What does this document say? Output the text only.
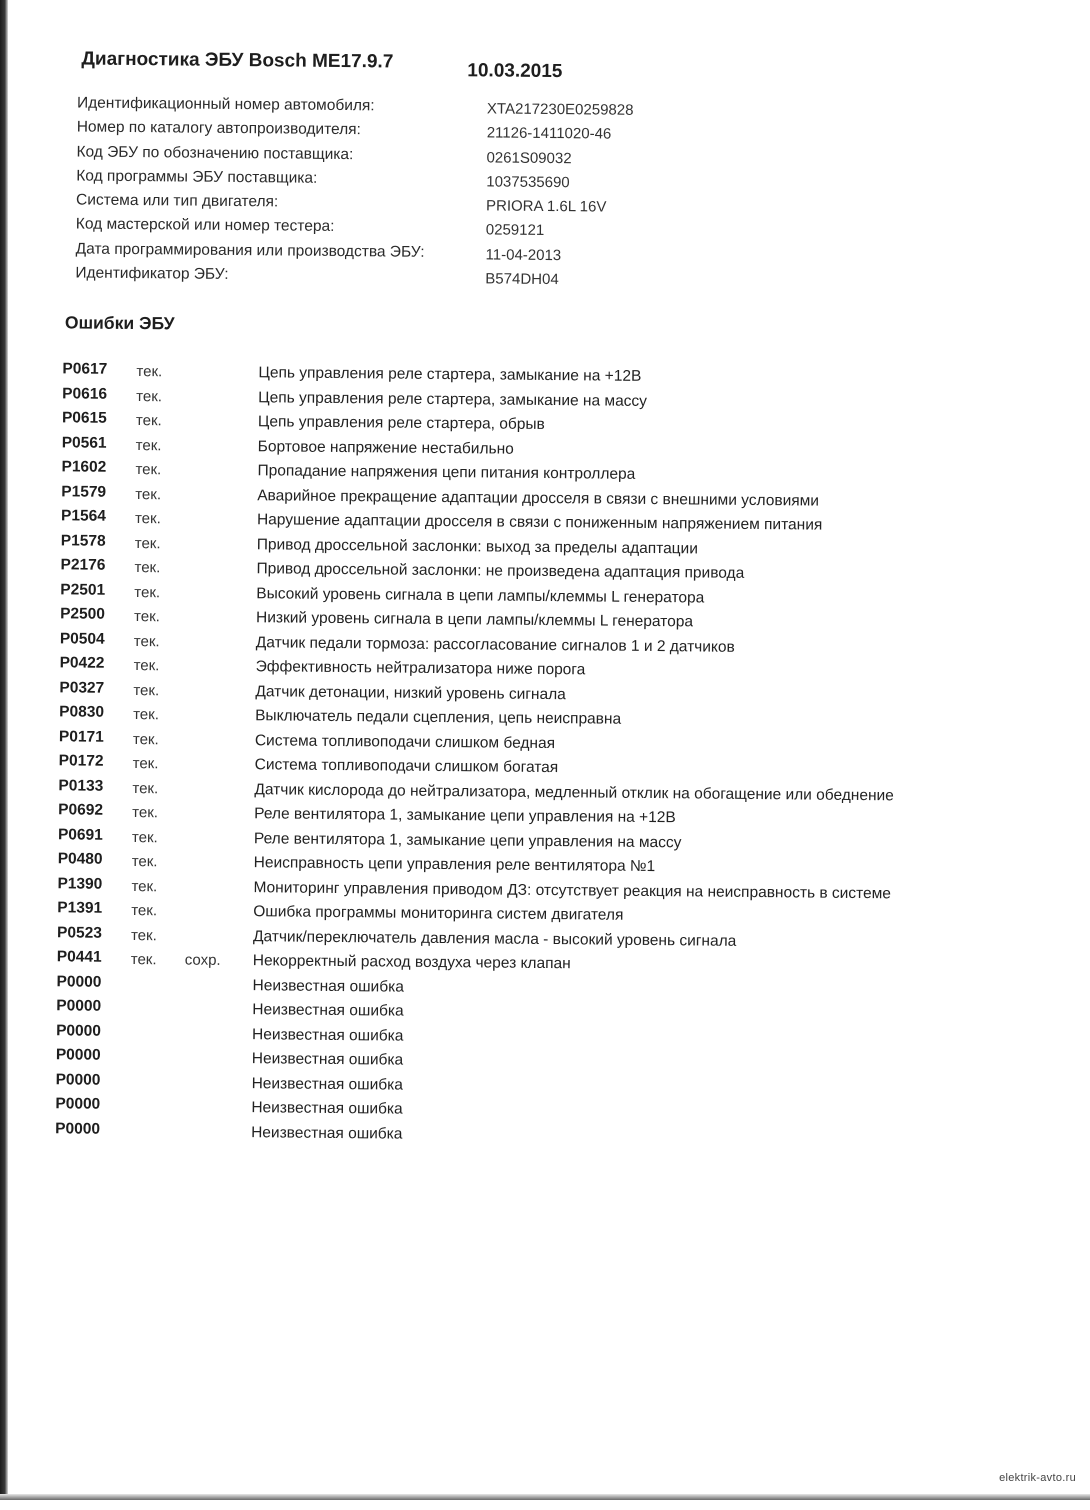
Диагностика ЭБУ Bosch ME17.9.7	10.03.2015
Идентификационный номер автомобиля:	XTA217230E0259828
Номер по каталогу автопроизводителя:	21126-1411020-46
Код ЭБУ по обозначению поставщика:	0261S09032
Код программы ЭБУ поставщика:	1037535690
Система или тип двигателя:	PRIORA 1.6L 16V
Код мастерской или номер тестера:	0259121
Дата программирования или производства ЭБУ:	11-04-2013
Идентификатор ЭБУ:	B574DH04
Ошибки ЭБУ
P0617 тек.	Цепь управления реле стартера, замыкание на +12В
P0616 тек.	Цепь управления реле стартера, замыкание на массу
P0615 тек.	Цепь управления реле стартера, обрыв
P0561 тек.	Бортовое напряжение нестабильно
P1602 тек.	Пропадание напряжения цепи питания контроллера
P1579 тек.	Аварийное прекращение адаптации дросселя в связи с внешними условиями
P1564 тек.	Нарушение адаптации дросселя в связи с пониженным напряжением питания
P1578 тек.	Привод дроссельной заслонки: выход за пределы адаптации
P2176 тек.	Привод дроссельной заслонки: не произведена адаптация привода
P2501 тек.	Высокий уровень сигнала в цепи лампы/клеммы L генератора
P2500 тек.	Низкий уровень сигнала в цепи лампы/клеммы L генератора
P0504 тек.	Датчик педали тормоза: рассогласование сигналов 1 и 2 датчиков
P0422 тек.	Эффективность нейтрализатора ниже порога
P0327 тек.	Датчик детонации, низкий уровень сигнала
P0830 тек.	Выключатель педали сцепления, цепь неисправна
P0171 тек.	Система топливоподачи слишком бедная
P0172 тек.	Система топливоподачи слишком богатая
P0133 тек.	Датчик кислорода до нейтрализатора, медленный отклик на обогащение или обеднение
P0692 тек.	Реле вентилятора 1, замыкание цепи управления на +12В
P0691 тек.	Реле вентилятора 1, замыкание цепи управления на массу
P0480 тек.	Неисправность цепи управления реле вентилятора №1
P1390 тек.	Мониторинг управления приводом ДЗ: отсутствует реакция на неисправность в системе
P1391 тек.	Ошибка программы мониторинга систем двигателя
P0523 тек.	Датчик/переключатель давления масла - высокий уровень сигнала
P0441 тек. сохр. Некорректный расход воздуха через клапан
P0000	Неизвестная ошибка
P0000	Неизвестная ошибка
P0000	Неизвестная ошибка
P0000	Неизвестная ошибка
P0000	Неизвестная ошибка
P0000	Неизвестная ошибка
P0000	Неизвестная ошибка
elektrik-avto.ru
